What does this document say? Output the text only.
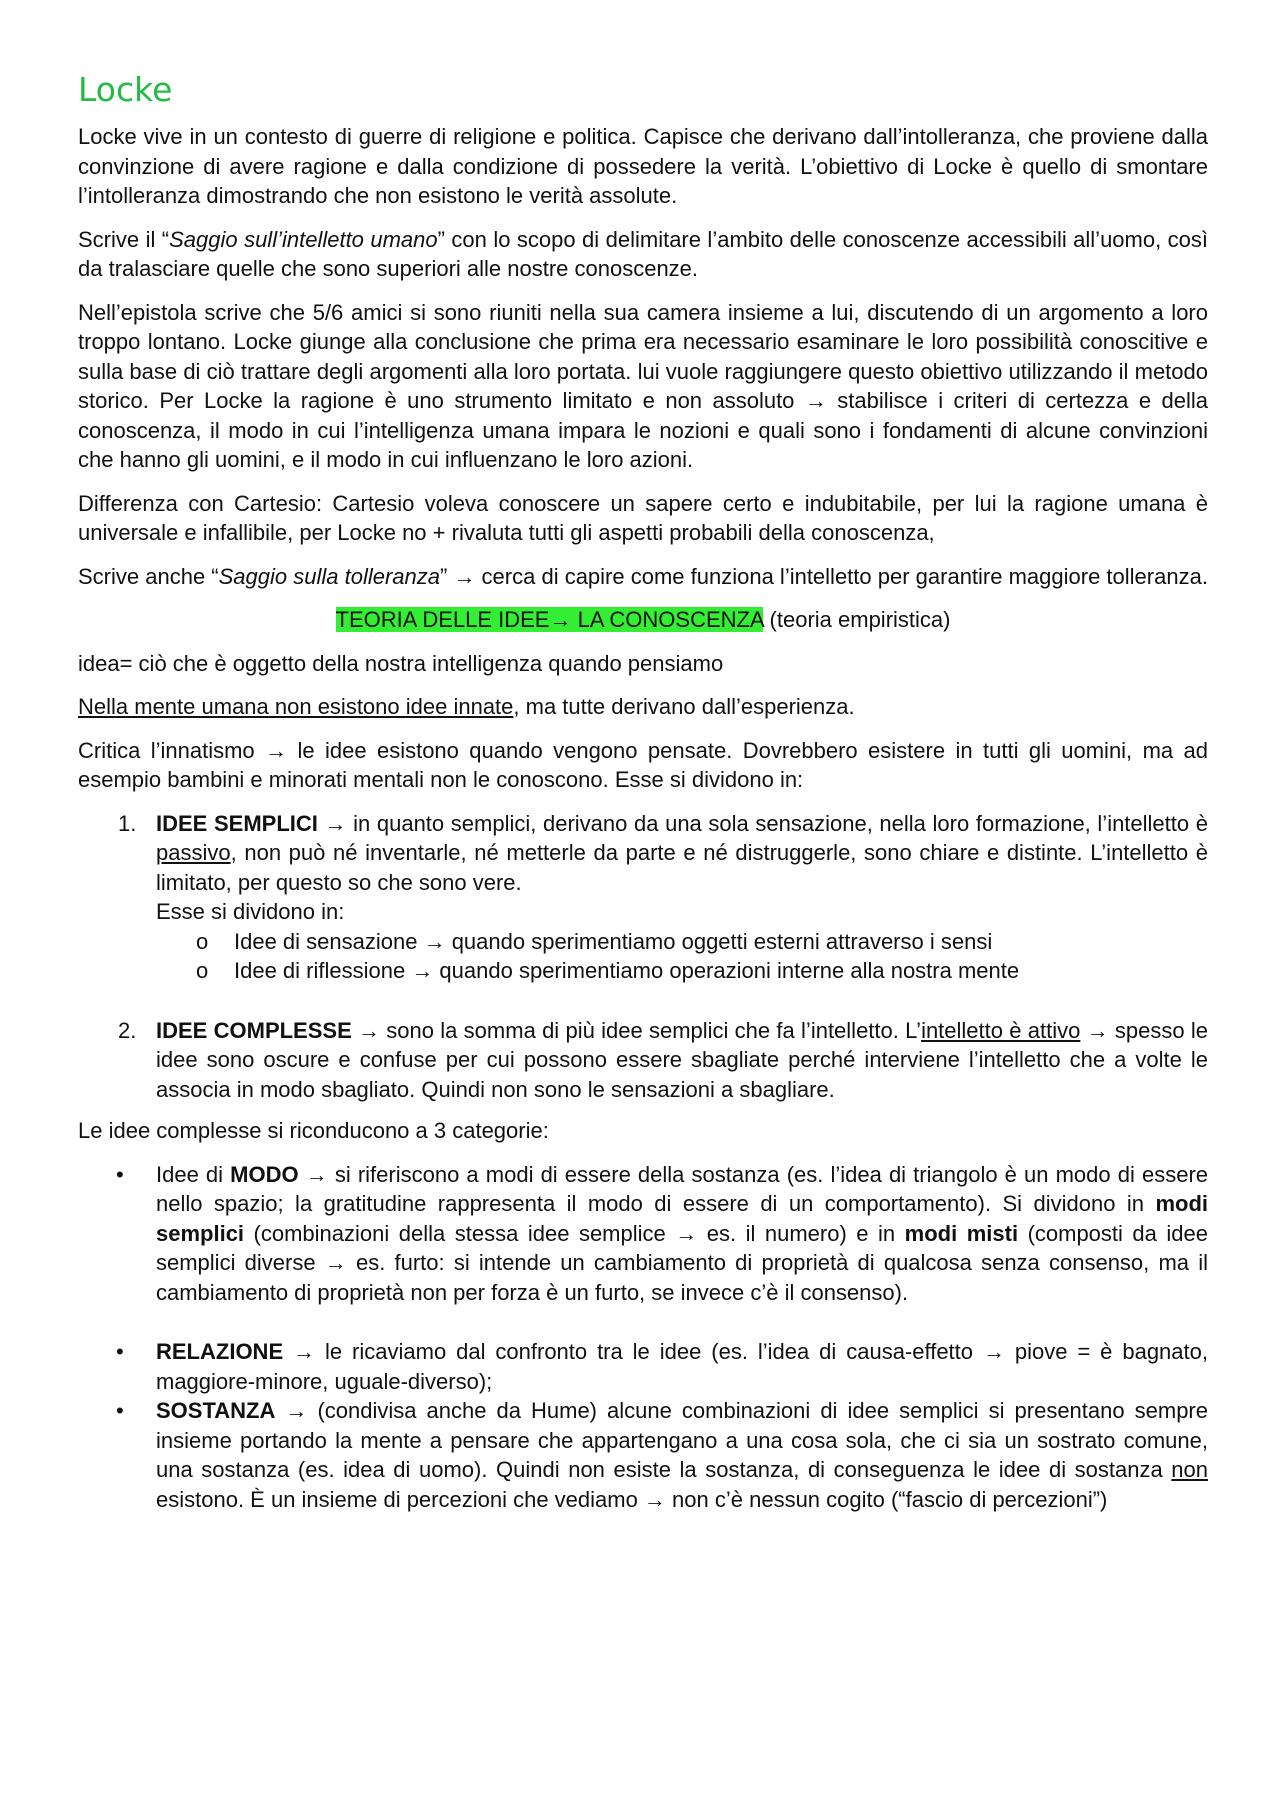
Locke

Locke vive in un contesto di guerre di religione e politica. Capisce che derivano dall’intolleranza, che proviene dalla convinzione di avere ragione e dalla condizione di possedere la verità. L’obiettivo di Locke è quello di smontare l’intolleranza dimostrando che non esistono le verità assolute.

Scrive il “Saggio sull’intelletto umano” con lo scopo di delimitare l’ambito delle conoscenze accessibili all’uomo, così da tralasciare quelle che sono superiori alle nostre conoscenze.

Nell’epistola scrive che 5/6 amici si sono riuniti nella sua camera insieme a lui, discutendo di un argomento a loro troppo lontano. Locke giunge alla conclusione che prima era necessario esaminare le loro possibilità conoscitive e sulla base di ciò trattare degli argomenti alla loro portata. lui vuole raggiungere questo obiettivo utilizzando il metodo storico. Per Locke la ragione è uno strumento limitato e non assoluto → stabilisce i criteri di certezza e della conoscenza, il modo in cui l’intelligenza umana impara le nozioni e quali sono i fondamenti di alcune convinzioni che hanno gli uomini, e il modo in cui influenzano le loro azioni.

Differenza con Cartesio: Cartesio voleva conoscere un sapere certo e indubitabile, per lui la ragione umana è universale e infallibile, per Locke no + rivaluta tutti gli aspetti probabili della conoscenza,

Scrive anche “Saggio sulla tolleranza” → cerca di capire come funziona l’intelletto per garantire maggiore tolleranza.

TEORIA DELLE IDEE→ LA CONOSCENZA (teoria empiristica)

idea= ciò che è oggetto della nostra intelligenza quando pensiamo

Nella mente umana non esistono idee innate, ma tutte derivano dall’esperienza.

Critica l’innatismo → le idee esistono quando vengono pensate. Dovrebbero esistere in tutti gli uomini, ma ad esempio bambini e minorati mentali non le conoscono. Esse si dividono in:

1. IDEE SEMPLICI → in quanto semplici, derivano da una sola sensazione, nella loro formazione, l’intelletto è passivo, non può né inventarle, né metterle da parte e né distruggerle, sono chiare e distinte. L’intelletto è limitato, per questo so che sono vere.
Esse si dividono in:
o Idee di sensazione → quando sperimentiamo oggetti esterni attraverso i sensi
o Idee di riflessione → quando sperimentiamo operazioni interne alla nostra mente
2. IDEE COMPLESSE → sono la somma di più idee semplici che fa l’intelletto. L’intelletto è attivo → spesso le idee sono oscure e confuse per cui possono essere sbagliate perché interviene l’intelletto che a volte le associa in modo sbagliato. Quindi non sono le sensazioni a sbagliare.

Le idee complesse si riconducono a 3 categorie:

• Idee di MODO → si riferiscono a modi di essere della sostanza (es. l’idea di triangolo è un modo di essere nello spazio; la gratitudine rappresenta il modo di essere di un comportamento). Si dividono in modi semplici (combinazioni della stessa idee semplice → es. il numero) e in modi misti (composti da idee semplici diverse → es. furto: si intende un cambiamento di proprietà di qualcosa senza consenso, ma il cambiamento di proprietà non per forza è un furto, se invece c’è il consenso).
• RELAZIONE → le ricaviamo dal confronto tra le idee (es. l’idea di causa-effetto → piove = è bagnato, maggiore-minore, uguale-diverso);
• SOSTANZA → (condivisa anche da Hume) alcune combinazioni di idee semplici si presentano sempre insieme portando la mente a pensare che appartengano a una cosa sola, che ci sia un sostrato comune, una sostanza (es. idea di uomo). Quindi non esiste la sostanza, di conseguenza le idee di sostanza non esistono. È un insieme di percezioni che vediamo → non c’è nessun cogito (“fascio di percezioni”)
